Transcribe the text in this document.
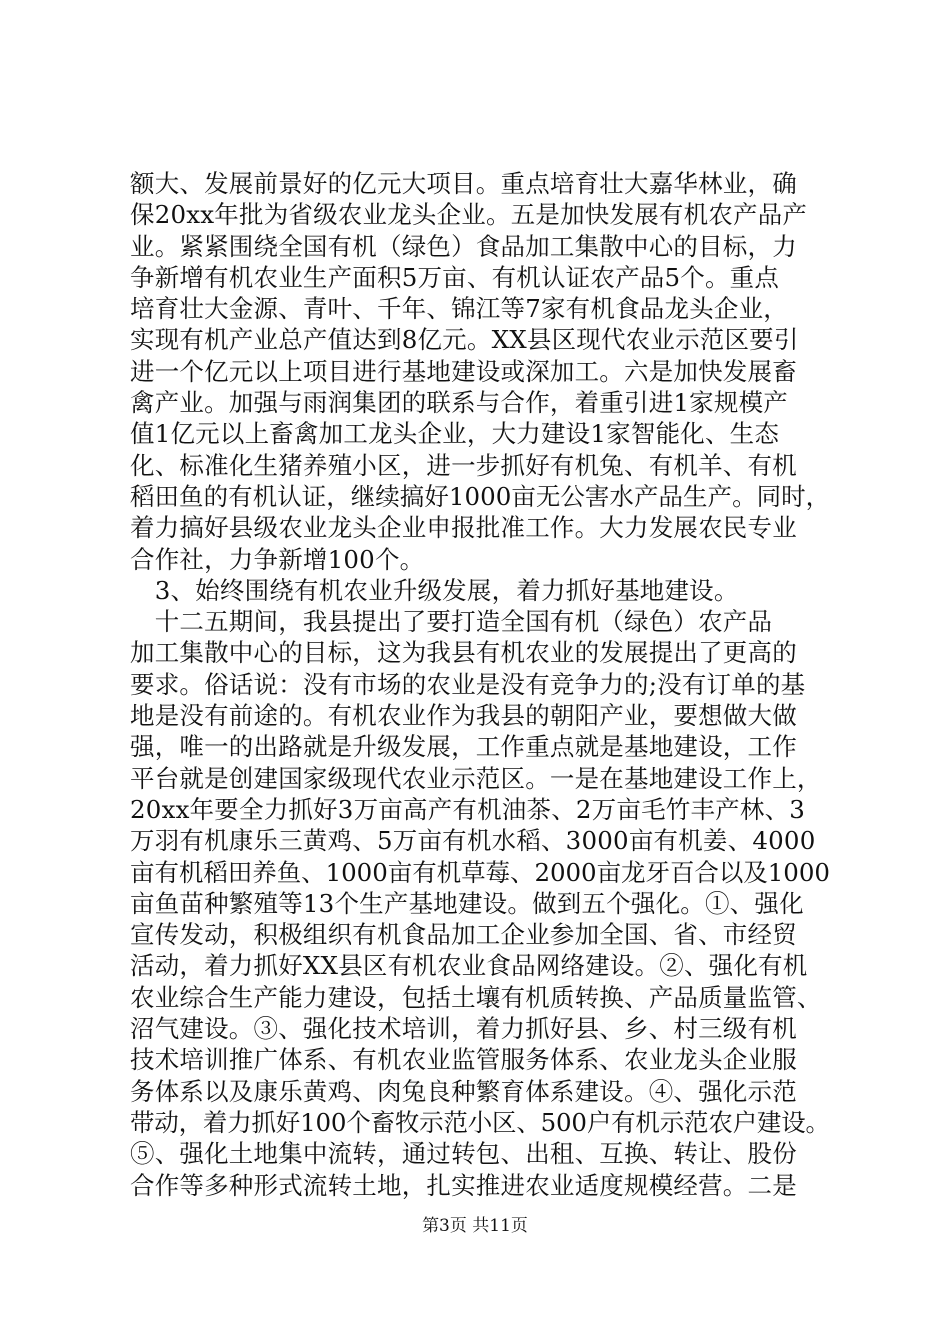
额大、发展前景好的亿元大项目。重点培育壮大嘉华林业，确
保20xx年批为省级农业龙头企业。五是加快发展有机农产品产
业。紧紧围绕全国有机（绿色）食品加工集散中心的目标，力
争新增有机农业生产面积5万亩、有机认证农产品5个。重点
培育壮大金源、青叶、千年、锦江等7家有机食品龙头企业，
实现有机产业总产值达到8亿元。XX县区现代农业示范区要引
进一个亿元以上项目进行基地建设或深加工。六是加快发展畜
禽产业。加强与雨润集团的联系与合作，着重引进1家规模产
值1亿元以上畜禽加工龙头企业，大力建设1家智能化、生态
化、标准化生猪养殖小区，进一步抓好有机兔、有机羊、有机
稻田鱼的有机认证，继续搞好1000亩无公害水产品生产。同时，
着力搞好县级农业龙头企业申报批准工作。大力发展农民专业
合作社，力争新增100个。
　3、始终围绕有机农业升级发展，着力抓好基地建设。
　十二五期间，我县提出了要打造全国有机（绿色）农产品
加工集散中心的目标，这为我县有机农业的发展提出了更高的
要求。俗话说：没有市场的农业是没有竞争力的;没有订单的基
地是没有前途的。有机农业作为我县的朝阳产业，要想做大做
强，唯一的出路就是升级发展，工作重点就是基地建设，工作
平台就是创建国家级现代农业示范区。一是在基地建设工作上，
20xx年要全力抓好3万亩高产有机油茶、2万亩毛竹丰产林、3
万羽有机康乐三黄鸡、5万亩有机水稻、3000亩有机姜、4000
亩有机稻田养鱼、1000亩有机草莓、2000亩龙牙百合以及1000
亩鱼苗种繁殖等13个生产基地建设。做到五个强化。①、强化
宣传发动，积极组织有机食品加工企业参加全国、省、市经贸
活动，着力抓好XX县区有机农业食品网络建设。②、强化有机
农业综合生产能力建设，包括土壤有机质转换、产品质量监管、
沼气建设。③、强化技术培训，着力抓好县、乡、村三级有机
技术培训推广体系、有机农业监管服务体系、农业龙头企业服
务体系以及康乐黄鸡、肉兔良种繁育体系建设。④、强化示范
带动，着力抓好100个畜牧示范小区、500户有机示范农户建设。
⑤、强化土地集中流转，通过转包、出租、互换、转让、股份
合作等多种形式流转土地，扎实推进农业适度规模经营。二是
第3页 共11页
